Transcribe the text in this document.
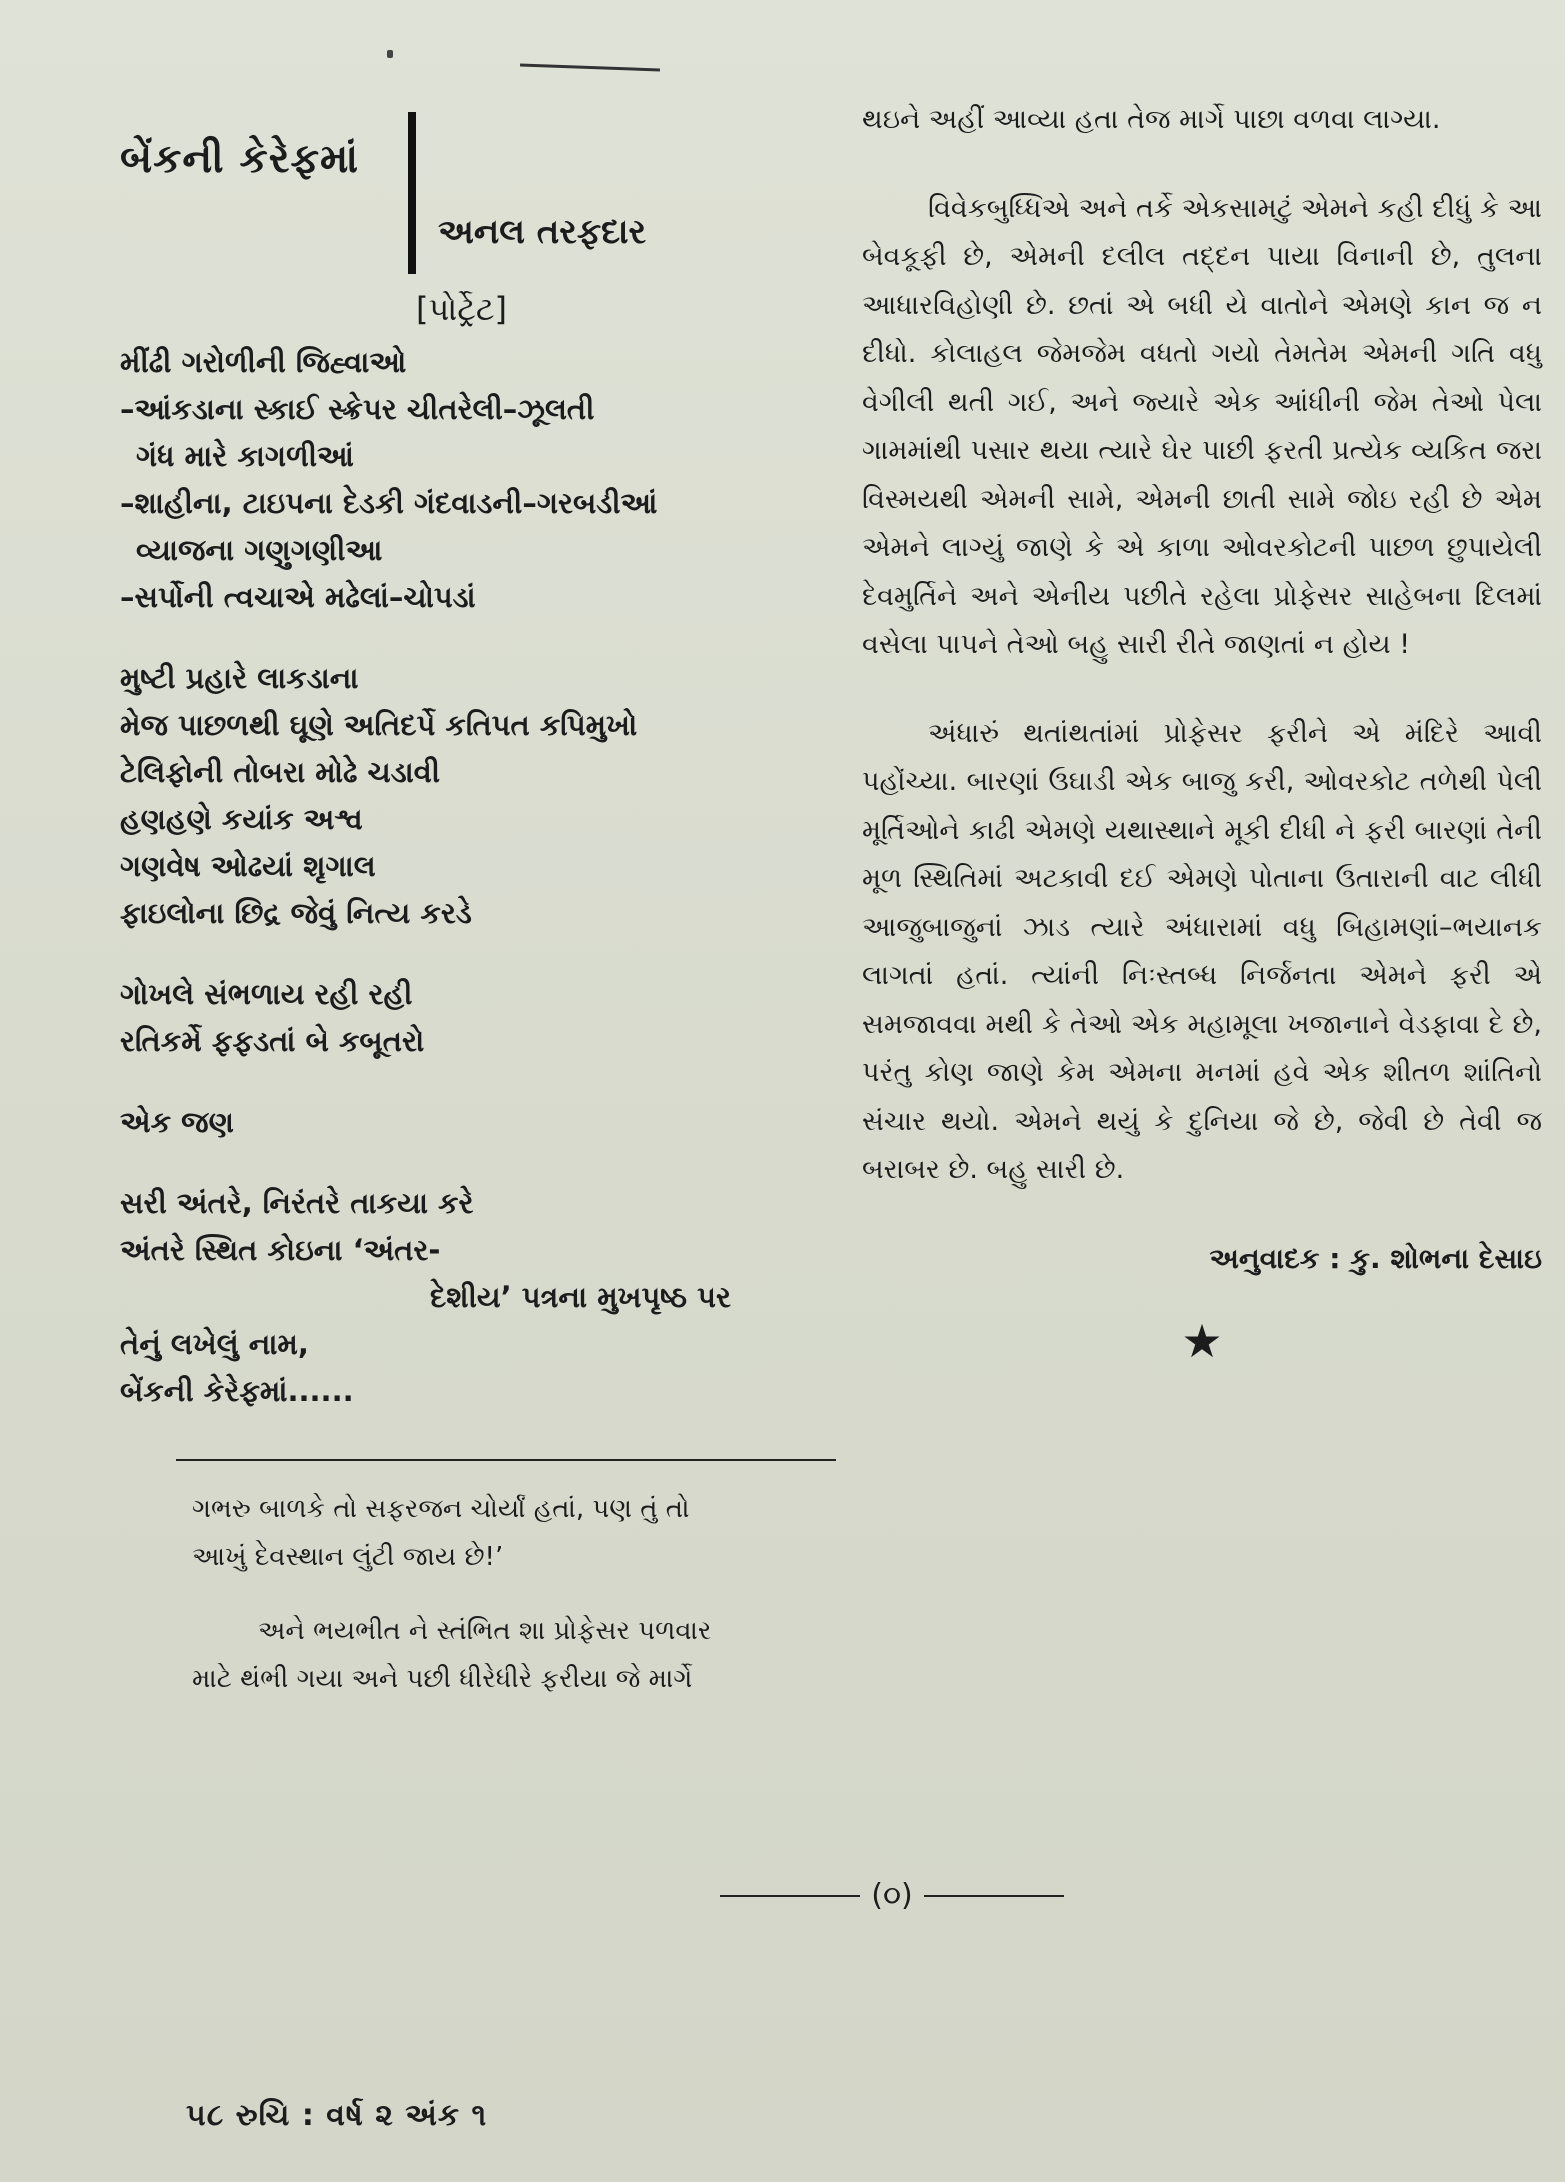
બેંકની કેરેફમાં
અનલ તરફદાર
[પોર્ટ્રેટ]
મીંઢી ગરોળીની જિહ્વાઓ
–આંકડાના સ્કાઈ સ્ક્રેપર ચીતરેલી–ઝૂલતી
ગંધ મારે કાગળીઆં
–શાહીના, ટાઇપના દેડકી ગંદવાડની–ગરબડીઆં
વ્યાજના ગણુગણીઆ
–સર્પોની ત્વચાએ મઢેલાં–ચોપડાં
મુષ્ટી પ્રહારે લાકડાના
મેજ પાછળથી ઘૂણે અતિદર્પે કતિપત કપિમુખો
ટેલિફોની તોબરા મોઢે ચડાવી
હણહણે કયાંક અશ્વ
ગણવેષ ઓઢયાં શૃગાલ
ફાઇલોના છિદ્ર જેવું નિત્ય કરડે
ગોખલે સંભળાય રહી રહી
રતિકર્મે ફફડતાં બે કબૂતરો
એક જણ
સરી અંતરે, નિરંતરે તાકયા કરે
અંતરે સ્થિત કોઇના ‘અંતર-
દેશીય’ પત્રના મુખપૃષ્ઠ પર
તેનું લખેલું નામ,
બેંકની કેરેફમાં......
ગભરુ બાળકે તો સફરજન ચોર્યાં હતાં, પણ તું તો
આખું દેવસ્થાન લુંટી જાય છે!’
અને ભયભીત ને સ્તંભિત શા પ્રોફેસર પળવાર
માટે થંભી ગયા અને પછી ધીરેધીરે ફરીયા જે માર્ગે

થઇને અહીં આવ્યા હતા તેજ માર્ગે પાછા વળવા લાગ્યા.

વિવેકબુધ્ધિએ અને તર્કે એકસામટું એમને કહી દીધું કે આ બેવકૂફી છે, એમની દલીલ તદ્દન પાયા વિનાની છે, તુલના આધારવિહોણી છે. છતાં એ બધી યે વાતોને એમણે કાન જ ન દીધો. કોલાહલ જેમજેમ વધતો ગયો તેમતેમ એમની ગતિ વધુ વેગીલી થતી ગઈ, અને જ્યારે એક આંધીની જેમ તેઓ પેલા ગામમાંથી પસાર થયા ત્યારે ઘેર પાછી ફરતી પ્રત્યેક વ્યકિત જરા વિસ્મયથી એમની સામે, એમની છાતી સામે જોઇ રહી છે એમ એમને લાગ્યું જાણે કે એ કાળા ઓવરકોટની પાછળ છુપાયેલી દેવમુર્તિને અને એનીય પછીતે રહેલા પ્રોફેસર સાહેબના દિલમાં વસેલા પાપને તેઓ બહુ સારી રીતે જાણતાં ન હોય !

અંધારું થતાંથતાંમાં પ્રોફેસર ફરીને એ મંદિરે આવી પહોંચ્યા. બારણાં ઉઘાડી એક બાજુ કરી, ઓવરકોટ તળેથી પેલી મૂર્તિઓને કાઢી એમણે યથાસ્થાને મૂકી દીધી ને ફરી બારણાં તેની મૂળ સ્થિતિમાં અટકાવી દઈ એમણે પોતાના ઉતારાની વાટ લીધી આજુબાજુનાં ઝાડ ત્યારે અંધારામાં વધુ બિહામણાં–ભયાનક લાગતાં હતાં. ત્યાંની નિઃસ્તબ્ધ નિર્જનતા એમને ફરી એ સમજાવવા મથી કે તેઓ એક મહામૂલા ખજાનાને વેડફાવા દે છે, પરંતુ કોણ જાણે કેમ એમના મનમાં હવે એક શીતળ શાંતિનો સંચાર થયો. એમને થયું કે દુનિયા જે છે, જેવી છે તેવી જ બરાબર છે. બહુ સારી છે.

અનુવાદક : કુ. શોભના દેસાઇ
★
(૦)
૫૮ રુચિ : વર્ષ ૨ અંક ૧
